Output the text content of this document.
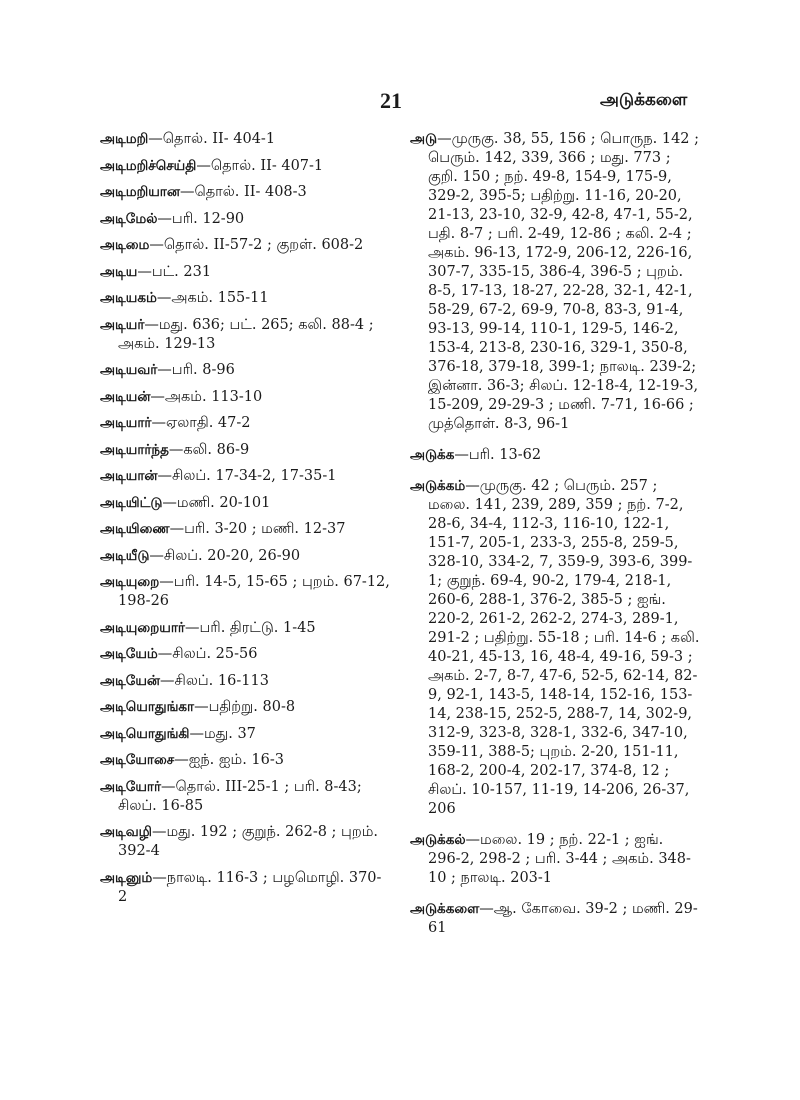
21	அடுக்களை

அடிமறி—தொல். II- 404-1

அடிமறிச்செய்தி—தொல். II- 407-1

அடிமறியான—தொல். II- 408-3

அடிமேல்—பரி. 12-90

அடிமை—தொல். II-57-2 ; குறள். 608-2

அடிய—பட். 231

அடியகம்—அகம். 155-11

அடியர்—மது. 636; பட். 265; கலி. 88-4 ; அகம். 129-13

அடியவர்—பரி. 8-96

அடியன்—அகம். 113-10

அடியார்—ஏலாதி. 47-2

அடியார்ந்த—கலி. 86-9

அடியான்—சிலப். 17-34-2, 17-35-1

அடியிட்டு—மணி. 20-101

அடியிணை—பரி. 3-20 ; மணி. 12-37

அடியீடு—சிலப். 20-20, 26-90

அடியுறை—பரி. 14-5, 15-65 ; புறம். 67-12, 198-26

அடியுறையார்—பரி. திரட்டு. 1-45

அடியேம்—சிலப். 25-56

அடியேன்—சிலப். 16-113

அடியொதுங்கா—பதிற்று. 80-8

அடியொதுங்கி—மது. 37

அடியோசை—ஐந். ஐம். 16-3

அடியோர்—தொல். III-25-1 ; பரி. 8-43; சிலப். 16-85

அடிவழி—மது. 192 ; குறுந். 262-8 ; புறம். 392-4

அடினும்—நாலடி. 116-3 ; பழமொழி. 370-2

அடு—முருகு. 38, 55, 156 ; பொருந. 142 ; பெரும். 142, 339, 366 ; மது. 773 ; குறி. 150 ; நற். 49-8, 154-9, 175-9, 329-2, 395-5; பதிற்று. 11-16, 20-20, 21-13, 23-10, 32-9, 42-8, 47-1, 55-2, பதி. 8-7 ; பரி. 2-49, 12-86 ; கலி. 2-4 ; அகம். 96-13, 172-9, 206-12, 226-16, 307-7, 335-15, 386-4, 396-5 ; புறம். 8-5, 17-13, 18-27, 22-28, 32-1, 42-1, 58-29, 67-2, 69-9, 70-8, 83-3, 91-4, 93-13, 99-14, 110-1, 129-5, 146-2, 153-4, 213-8, 230-16, 329-1, 350-8, 376-18, 379-18, 399-1; நாலடி. 239-2; இன்னா. 36-3; சிலப். 12-18-4, 12-19-3, 15-209, 29-29-3 ; மணி. 7-71, 16-66 ; முத்தொள். 8-3, 96-1

அடுக்க—பரி. 13-62

அடுக்கம்—முருகு. 42 ; பெரும். 257 ; மலை. 141, 239, 289, 359 ; நற். 7-2, 28-6, 34-4, 112-3, 116-10, 122-1, 151-7, 205-1, 233-3, 255-8, 259-5, 328-10, 334-2, 7, 359-9, 393-6, 399-1; குறுந். 69-4, 90-2, 179-4, 218-1, 260-6, 288-1, 376-2, 385-5 ; ஐங். 220-2, 261-2, 262-2, 274-3, 289-1, 291-2 ; பதிற்று. 55-18 ; பரி. 14-6 ; கலி. 40-21, 45-13, 16, 48-4, 49-16, 59-3 ; அகம். 2-7, 8-7, 47-6, 52-5, 62-14, 82-9, 92-1, 143-5, 148-14, 152-16, 153-14, 238-15, 252-5, 288-7, 14, 302-9, 312-9, 323-8, 328-1, 332-6, 347-10, 359-11, 388-5; புறம். 2-20, 151-11, 168-2, 200-4, 202-17, 374-8, 12 ; சிலப். 10-157, 11-19, 14-206, 26-37, 206

அடுக்கல்—மலை. 19 ; நற். 22-1 ; ஐங். 296-2, 298-2 ; பரி. 3-44 ; அகம். 348-10 ; நாலடி. 203-1

அடுக்களை—ஆ. கோவை. 39-2 ; மணி. 29-61
